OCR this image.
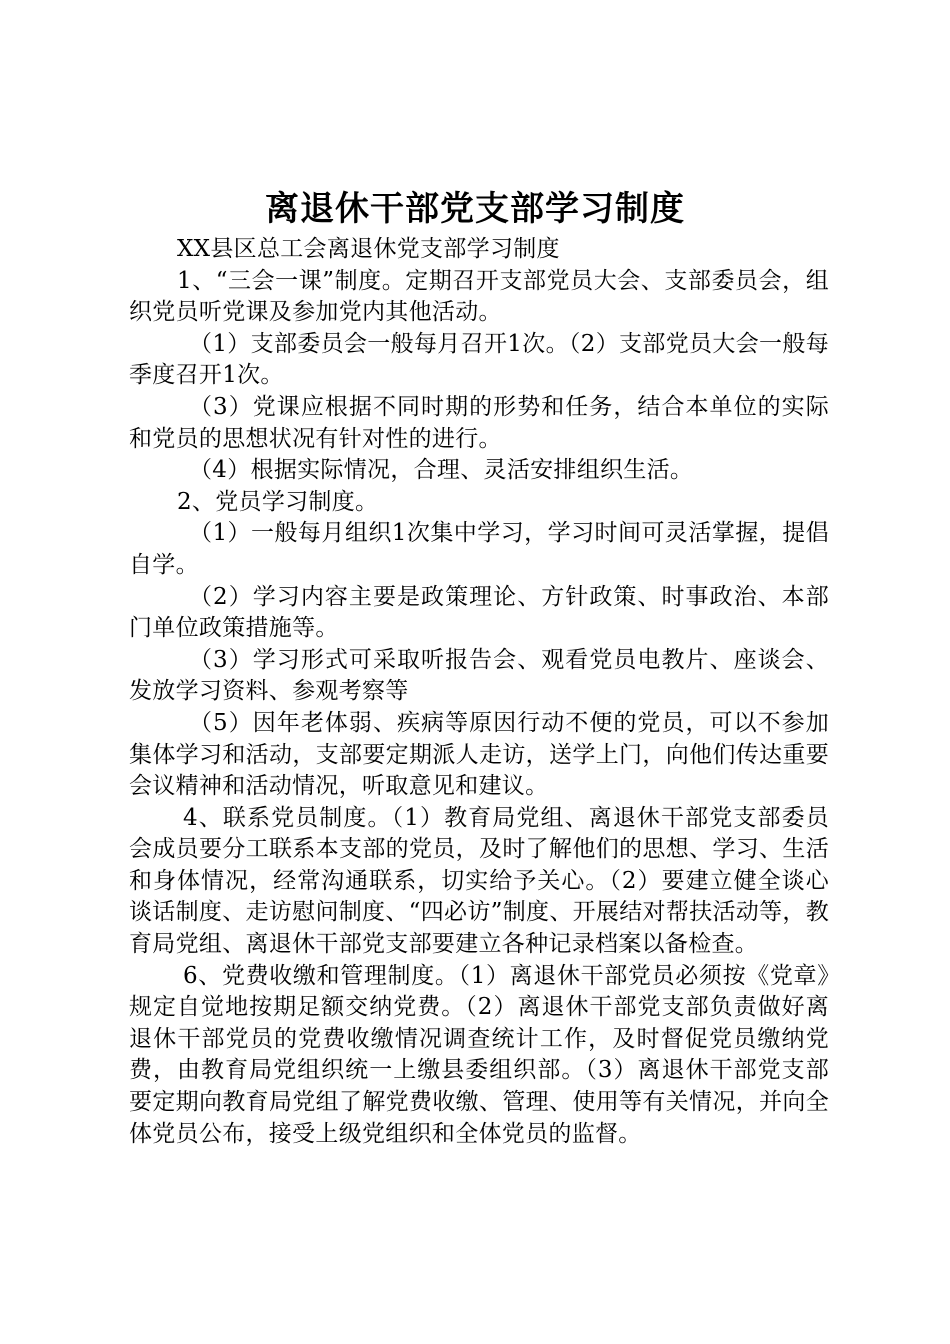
离退休干部党支部学习制度

XX县区总工会离退休党支部学习制度

1、“三会一课”制度。定期召开支部党员大会、支部委员会，组织党员听党课及参加党内其他活动。

（1）支部委员会一般每月召开1次。（2）支部党员大会一般每季度召开1次。

（3）党课应根据不同时期的形势和任务，结合本单位的实际和党员的思想状况有针对性的进行。

（4）根据实际情况，合理、灵活安排组织生活。

2、党员学习制度。

（1）一般每月组织1次集中学习，学习时间可灵活掌握，提倡自学。

（2）学习内容主要是政策理论、方针政策、时事政治、本部门单位政策措施等。

（3）学习形式可采取听报告会、观看党员电教片、座谈会、发放学习资料、参观考察等

（5）因年老体弱、疾病等原因行动不便的党员，可以不参加集体学习和活动，支部要定期派人走访，送学上门，向他们传达重要会议精神和活动情况，听取意见和建议。

4、联系党员制度。（1）教育局党组、离退休干部党支部委员会成员要分工联系本支部的党员，及时了解他们的思想、学习、生活和身体情况，经常沟通联系，切实给予关心。（2）要建立健全谈心谈话制度、走访慰问制度、“四必访”制度、开展结对帮扶活动等，教育局党组、离退休干部党支部要建立各种记录档案以备检查。

6、党费收缴和管理制度。（1）离退休干部党员必须按《党章》规定自觉地按期足额交纳党费。（2）离退休干部党支部负责做好离退休干部党员的党费收缴情况调查统计工作，及时督促党员缴纳党费，由教育局党组织统一上缴县委组织部。（3）离退休干部党支部要定期向教育局党组了解党费收缴、管理、使用等有关情况，并向全体党员公布，接受上级党组织和全体党员的监督。
